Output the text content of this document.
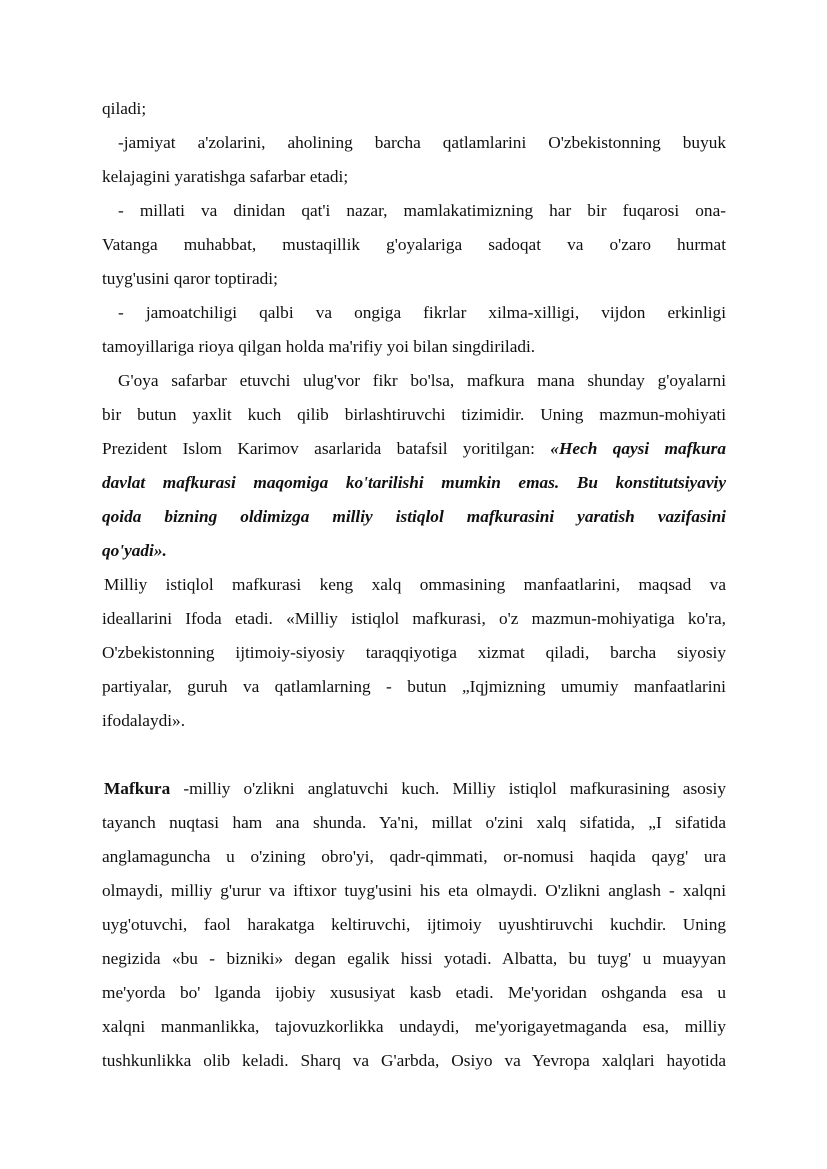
qiladi;
-jamiyat a'zolarini, aholining barcha qatlamlarini O'zbekistonning buyuk
kelajagini yaratishga safarbar etadi;
- millati va dinidan qat'i nazar, mamlakatimizning har bir fuqarosi ona-
Vatanga muhabbat, mustaqillik g'oyalariga sadoqat va o'zaro hurmat
tuyg'usini qaror toptiradi;
- jamoatchiligi qalbi va ongiga fikrlar xilma-xilligi, vijdon erkinligi
tamoyillariga rioya qilgan holda ma'rifiy yoi bilan singdiriladi.
G'oya safarbar etuvchi ulug'vor fikr bo'lsa, mafkura mana shunday g'oyalarni
bir butun yaxlit kuch qilib birlashtiruvchi tizimidir. Uning mazmun-mohiyati
Prezident Islom Karimov asarlarida batafsil yoritilgan: «Hech qaysi mafkura
davlat mafkurasi maqomiga ko'tarilishi mumkin emas. Bu konstitutsiyaviy
qoida bizning oldimizga milliy istiqlol mafkurasini yaratish vazifasini
qo'yadi».
Milliy istiqlol mafkurasi keng xalq ommasining manfaatlarini, maqsad va
ideallarini Ifoda etadi. «Milliy istiqlol mafkurasi, o'z mazmun-mohiyatiga ko'ra,
O'zbekistonning ijtimoiy-siyosiy taraqqiyotiga xizmat qiladi, barcha siyosiy
partiyalar, guruh va qatlamlarning - butun „Iqjmizning umumiy manfaatlarini
ifodalaydi».
Mafkura -milliy o'zlikni anglatuvchi kuch. Milliy istiqlol mafkurasining asosiy
tayanch nuqtasi ham ana shunda. Ya'ni, millat o'zini xalq sifatida, „I sifatida
anglamaguncha u o'zining obro'yi, qadr-qimmati, or-nomusi haqida qayg' ura
olmaydi, milliy g'urur va iftixor tuyg'usini his eta olmaydi. O'zlikni anglash - xalqni
uyg'otuvchi, faol harakatga keltiruvchi, ijtimoiy uyushtiruvchi kuchdir. Uning
negizida «bu - bizniki» degan egalik hissi yotadi. Albatta, bu tuyg' u muayyan
me'yorda bo' lganda ijobiy xususiyat kasb etadi. Me'yoridan oshganda esa u
xalqni manmanlikka, tajovuzkorlikka undaydi, me'yorigayetmaganda esa, milliy
tushkunlikka olib keladi. Sharq va G'arbda, Osiyo va Yevropa xalqlari hayotida
